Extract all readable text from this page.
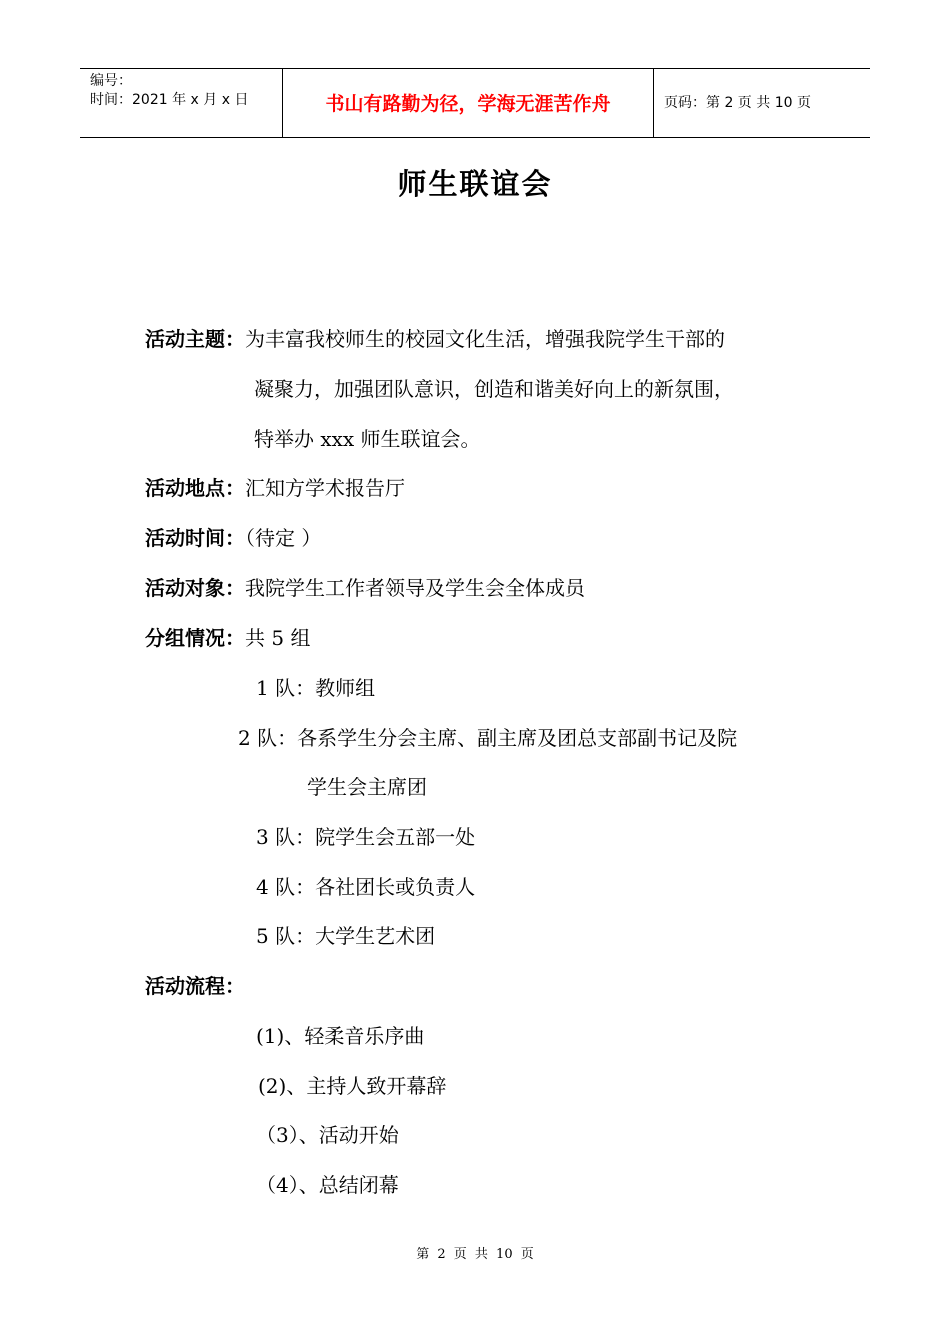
编号：
时间：2021 年 x 月 x 日	书山有路勤为径，学海无涯苦作舟	页码：第 2 页 共 10 页
师生联谊会
活动主题：为丰富我校师生的校园文化生活，增强我院学生干部的
凝聚力，加强团队意识，创造和谐美好向上的新氛围，
特举办 xxx 师生联谊会。
活动地点：汇知方学术报告厅
活动时间：（待定 ）
活动对象：我院学生工作者领导及学生会全体成员
分组情况：共 5 组
1 队：教师组
2 队：各系学生分会主席、副主席及团总支部副书记及院
学生会主席团
3 队：院学生会五部一处
4 队：各社团长或负责人
5 队：大学生艺术团
活动流程：
(1)、轻柔音乐序曲
(2)、主持人致开幕辞
（3）、活动开始
（4）、总结闭幕
第 2 页 共 10 页
